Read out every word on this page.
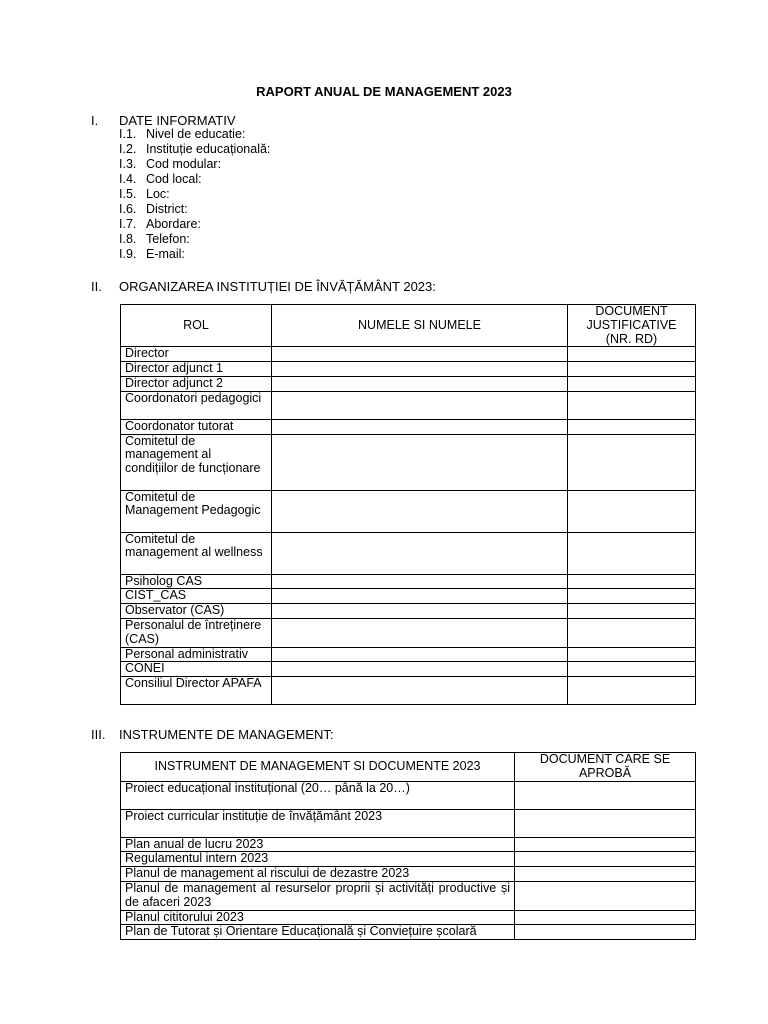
RAPORT ANUAL DE MANAGEMENT 2023
I.	DATE INFORMATIV
I.1. Nivel de educatie:
I.2. Instituție educațională:
I.3. Cod modular:
I.4. Cod local:
I.5. Loc:
I.6. District:
I.7. Abordare:
I.8. Telefon:
I.9. E-mail:
II.	ORGANIZAREA INSTITUȚIEI DE ÎNVĂȚĂMÂNT 2023:
ROL	NUMELE SI NUMELE	DOCUMENT JUSTIFICATIVE (NR. RD)
Director		
Director adjunct 1		
Director adjunct 2		
Coordonatori pedagogici		
Coordonator tutorat		
Comitetul de management al condițiilor de funcționare		
Comitetul de Management Pedagogic		
Comitetul de management al wellness		
Psiholog CAS		
CIST_CAS		
Observator (CAS)		
Personalul de întreținere (CAS)		
Personal administrativ		
CONEI		
Consiliul Director APAFA		
III.	INSTRUMENTE DE MANAGEMENT:
INSTRUMENT DE MANAGEMENT SI DOCUMENTE 2023	DOCUMENT CARE SE APROBĂ
Proiect educațional instituțional (20… până la 20…)	
Proiect curricular instituție de învățământ 2023	
Plan anual de lucru 2023	
Regulamentul intern 2023	
Planul de management al riscului de dezastre 2023	
Planul de management al resurselor proprii și activități productive și de afaceri 2023	
Planul cititorului 2023	
Plan de Tutorat și Orientare Educațională și Conviețuire școlară	
